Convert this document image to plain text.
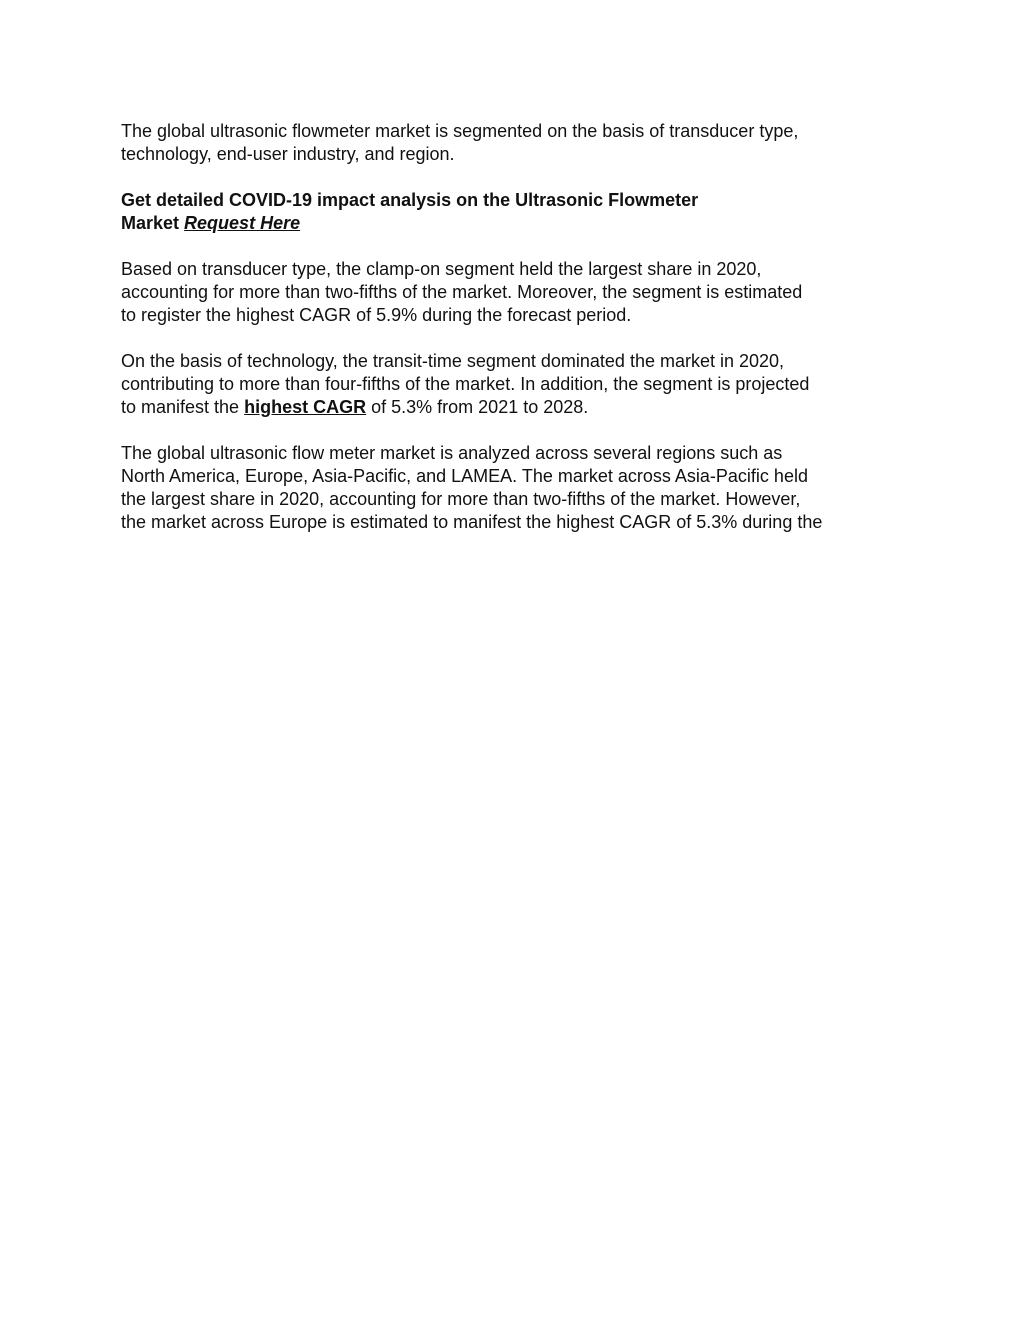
The global ultrasonic flowmeter market is segmented on the basis of transducer type,
technology, end-user industry, and region.

Get detailed COVID-19 impact analysis on the Ultrasonic Flowmeter
Market Request Here

Based on transducer type, the clamp-on segment held the largest share in 2020,
accounting for more than two-fifths of the market. Moreover, the segment is estimated
to register the highest CAGR of 5.9% during the forecast period.

On the basis of technology, the transit-time segment dominated the market in 2020,
contributing to more than four-fifths of the market. In addition, the segment is projected
to manifest the highest CAGR of 5.3% from 2021 to 2028.

The global ultrasonic flow meter market is analyzed across several regions such as
North America, Europe, Asia-Pacific, and LAMEA. The market across Asia-Pacific held
the largest share in 2020, accounting for more than two-fifths of the market. However,
the market across Europe is estimated to manifest the highest CAGR of 5.3% during the
